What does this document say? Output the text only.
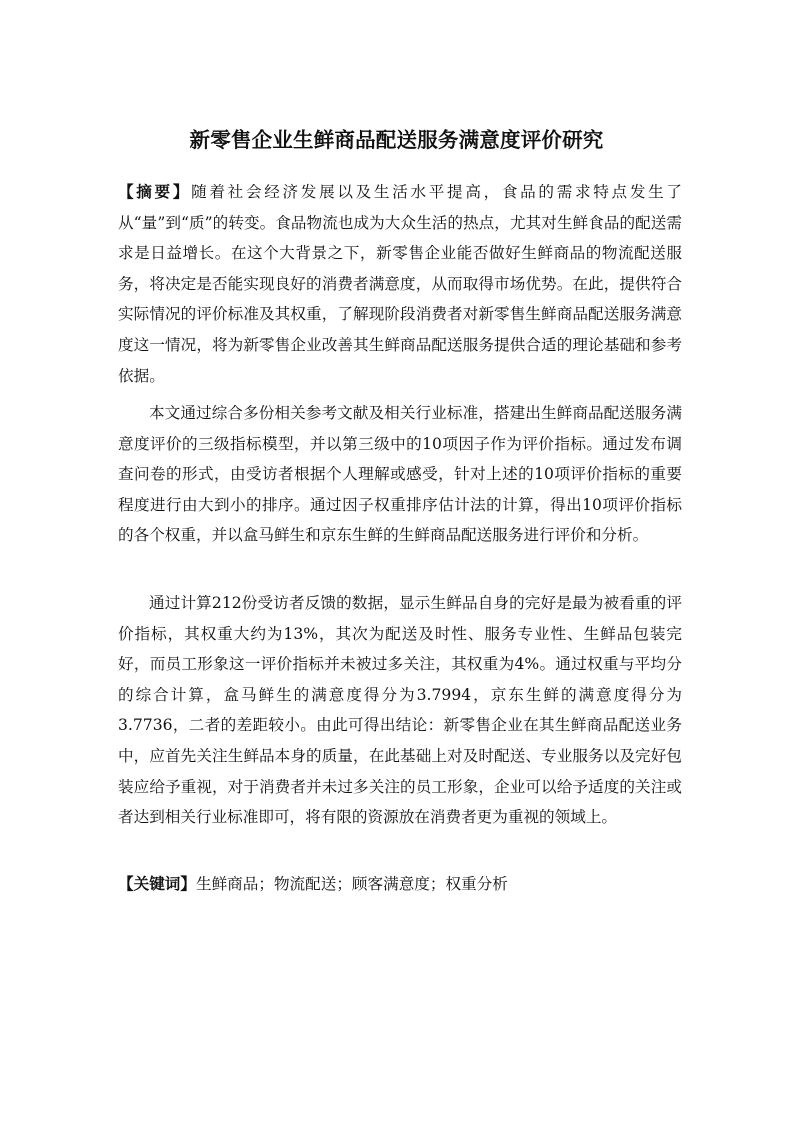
新零售企业生鲜商品配送服务满意度评价研究

【摘要】随着社会经济发展以及生活水平提高，食品的需求特点发生了从“量”到“质”的转变。食品物流也成为大众生活的热点，尤其对生鲜食品的配送需求是日益增长。在这个大背景之下，新零售企业能否做好生鲜商品的物流配送服务，将决定是否能实现良好的消费者满意度，从而取得市场优势。在此，提供符合实际情况的评价标准及其权重，了解现阶段消费者对新零售生鲜商品配送服务满意度这一情况，将为新零售企业改善其生鲜商品配送服务提供合适的理论基础和参考依据。

本文通过综合多份相关参考文献及相关行业标准，搭建出生鲜商品配送服务满意度评价的三级指标模型，并以第三级中的10项因子作为评价指标。通过发布调查问卷的形式，由受访者根据个人理解或感受，针对上述的10项评价指标的重要程度进行由大到小的排序。通过因子权重排序估计法的计算，得出10项评价指标的各个权重，并以盒马鲜生和京东生鲜的生鲜商品配送服务进行评价和分析。

通过计算212份受访者反馈的数据，显示生鲜品自身的完好是最为被看重的评价指标，其权重大约为13%，其次为配送及时性、服务专业性、生鲜品包装完好，而员工形象这一评价指标并未被过多关注，其权重为4%。通过权重与平均分的综合计算，盒马鲜生的满意度得分为3.7994，京东生鲜的满意度得分为3.7736，二者的差距较小。由此可得出结论：新零售企业在其生鲜商品配送业务中，应首先关注生鲜品本身的质量，在此基础上对及时配送、专业服务以及完好包装应给予重视，对于消费者并未过多关注的员工形象，企业可以给予适度的关注或者达到相关行业标准即可，将有限的资源放在消费者更为重视的领域上。

【关键词】生鲜商品；物流配送；顾客满意度；权重分析
